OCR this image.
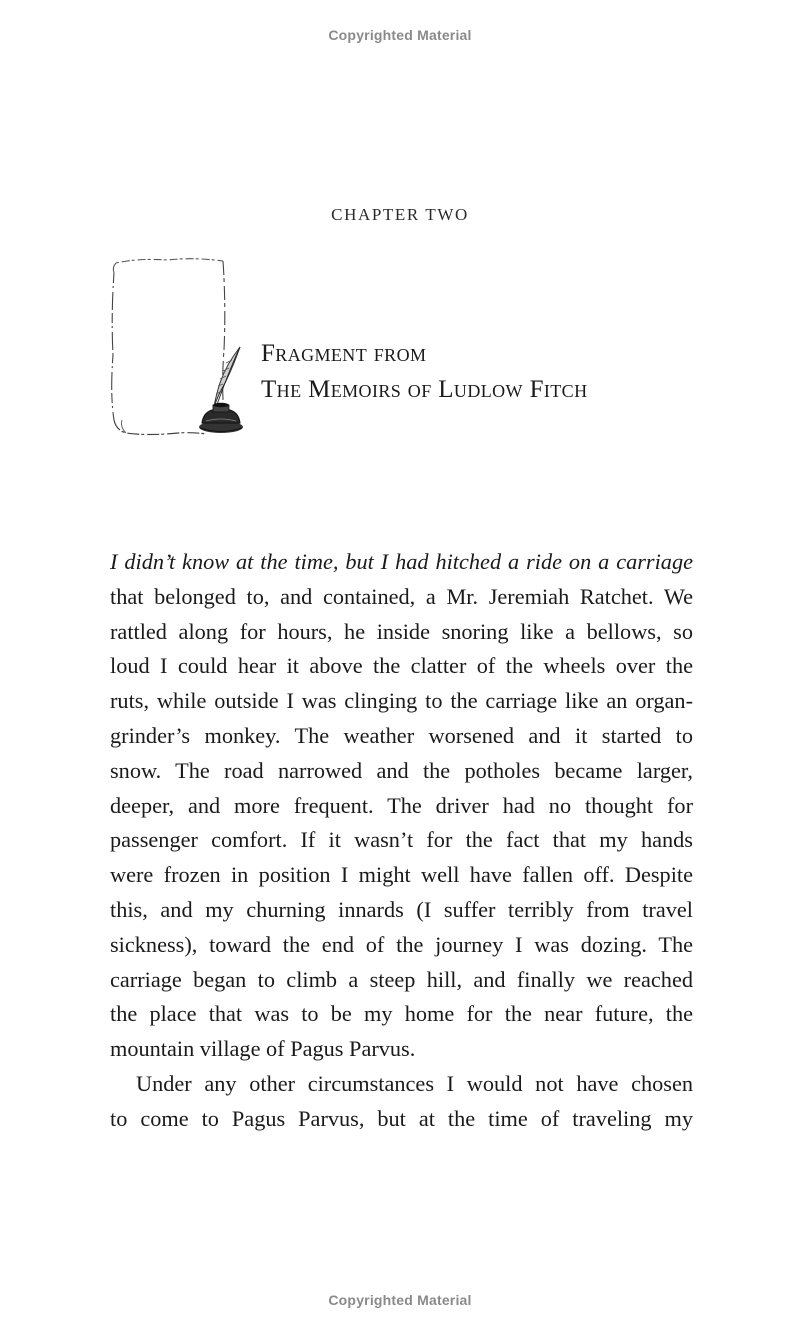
Copyrighted Material
CHAPTER TWO
Fragment from
The Memoirs of Ludlow Fitch
I didn’t know at the time, but I had hitched a ride on a carriage
that belonged to, and contained, a Mr. Jeremiah Ratchet. We
rattled along for hours, he inside snoring like a bellows, so
loud I could hear it above the clatter of the wheels over the
ruts, while outside I was clinging to the carriage like an organ-
grinder’s monkey. The weather worsened and it started to
snow. The road narrowed and the potholes became larger,
deeper, and more frequent. The driver had no thought for
passenger comfort. If it wasn’t for the fact that my hands
were frozen in position I might well have fallen off. Despite
this, and my churning innards (I suffer terribly from travel
sickness), toward the end of the journey I was dozing. The
carriage began to climb a steep hill, and finally we reached
the place that was to be my home for the near future, the
mountain village of Pagus Parvus.
Under any other circumstances I would not have chosen
to come to Pagus Parvus, but at the time of traveling my
Copyrighted Material
